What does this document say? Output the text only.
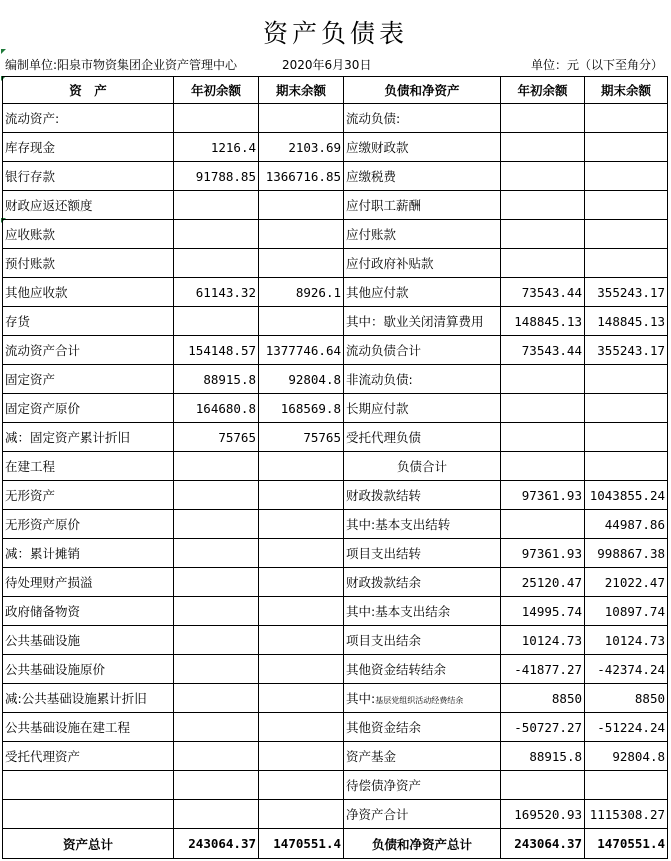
资产负债表
编制单位:阳泉市物资集团企业资产管理中心	2020年6月30日	单位：元（以下至角分）
资　产	年初余额	期末余额	负债和净资产	年初余额	期末余额
流动资产:			流动负债:		
库存现金	1216.4	2103.69	应缴财政款		
银行存款	91788.85	1366716.85	应缴税费		
财政应返还额度			应付职工薪酬		
应收账款			应付账款		
预付账款			应付政府补贴款		
其他应收款	61143.32	8926.1	其他应付款	73543.44	355243.17
存货			其中：歇业关闭清算费用	148845.13	148845.13
流动资产合计	154148.57	1377746.64	流动负债合计	73543.44	355243.17
固定资产	88915.8	92804.8	非流动负债:		
固定资产原价	164680.8	168569.8	长期应付款		
减：固定资产累计折旧	75765	75765	受托代理负债		
在建工程			负债合计		
无形资产			财政拨款结转	97361.93	1043855.24
无形资产原价			其中:基本支出结转		44987.86
减：累计摊销			项目支出结转	97361.93	998867.38
待处理财产损溢			财政拨款结余	25120.47	21022.47
政府储备物资			其中:基本支出结余	14995.74	10897.74
公共基础设施			项目支出结余	10124.73	10124.73
公共基础设施原价			其他资金结转结余	-41877.27	-42374.24
减:公共基础设施累计折旧			其中:基层党组织活动经费结余	8850	8850
公共基础设施在建工程			其他资金结余	-50727.27	-51224.24
受托代理资产			资产基金	88915.8	92804.8
			待偿债净资产		
			净资产合计	169520.93	1115308.27
资产总计	243064.37	1470551.4	负债和净资产总计	243064.37	1470551.4
